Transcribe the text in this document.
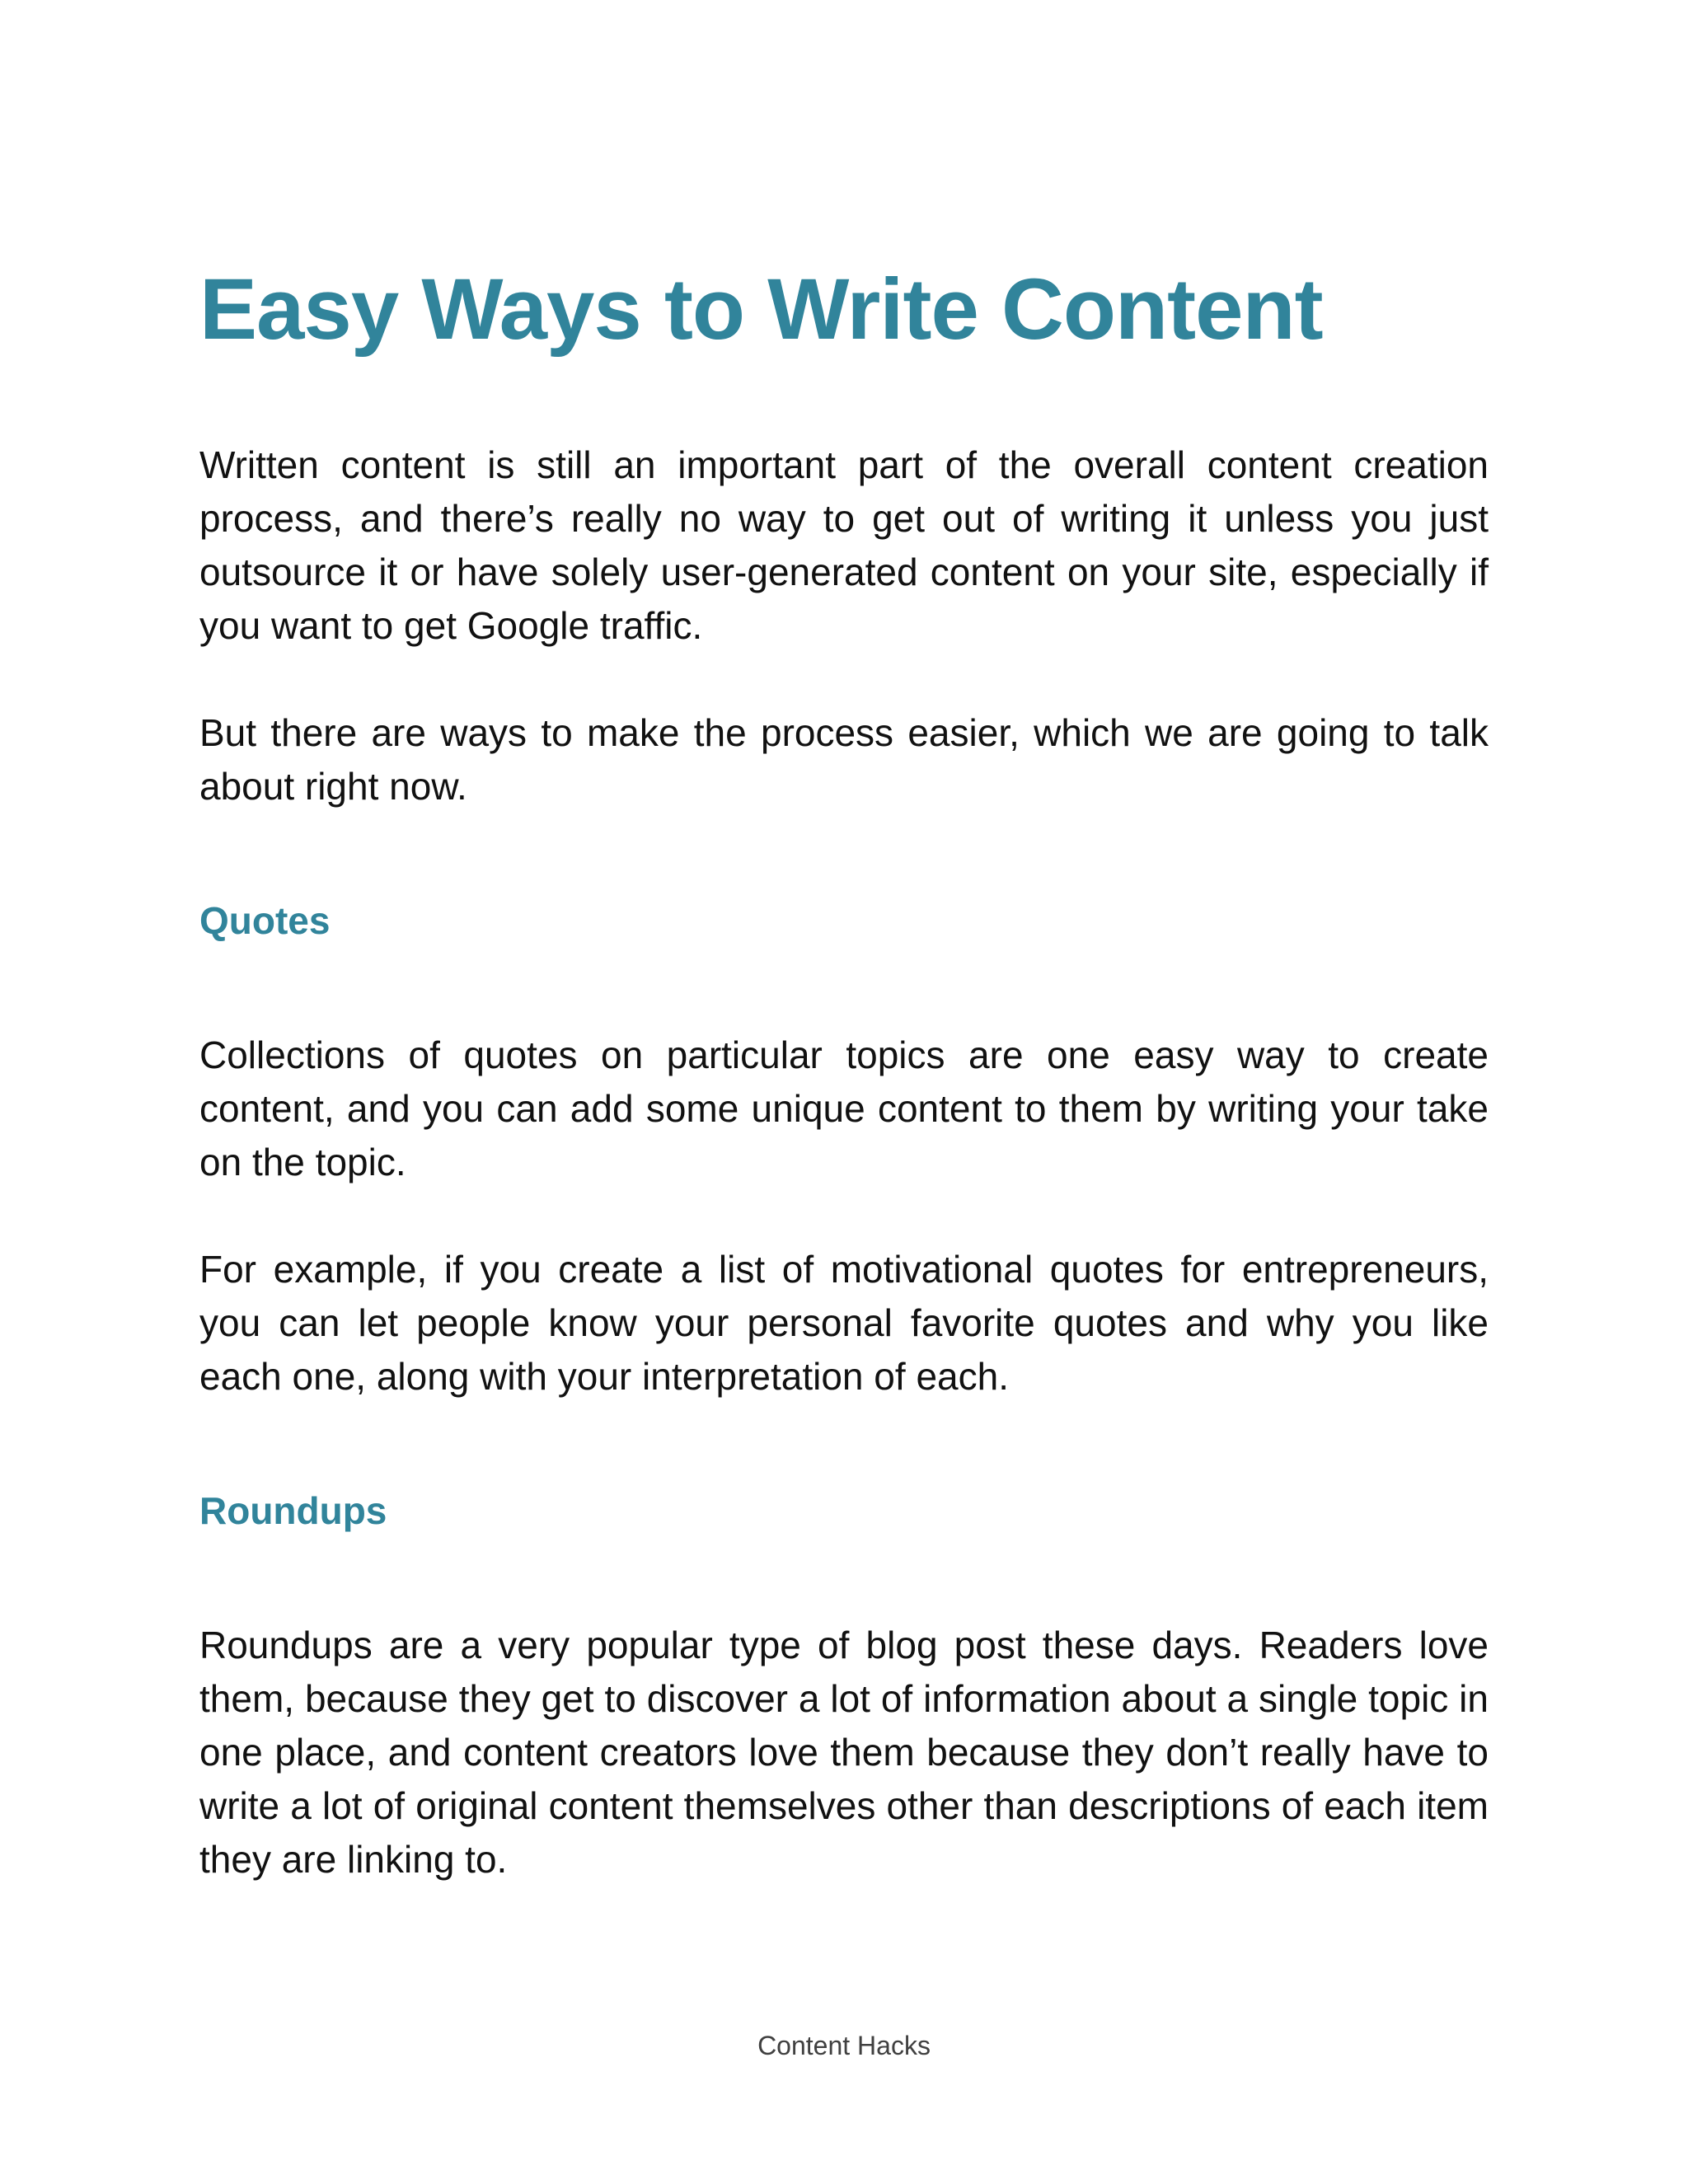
Easy Ways to Write Content

Written content is still an important part of the overall content creation process, and there’s really no way to get out of writing it unless you just outsource it or have solely user-generated content on your site, especially if you want to get Google traffic.

But there are ways to make the process easier, which we are going to talk about right now.

Quotes

Collections of quotes on particular topics are one easy way to create content, and you can add some unique content to them by writing your take on the topic.

For example, if you create a list of motivational quotes for entrepreneurs, you can let people know your personal favorite quotes and why you like each one, along with your interpretation of each.

Roundups

Roundups are a very popular type of blog post these days. Readers love them, because they get to discover a lot of information about a single topic in one place, and content creators love them because they don’t really have to write a lot of original content themselves other than descriptions of each item they are linking to.

Content Hacks
